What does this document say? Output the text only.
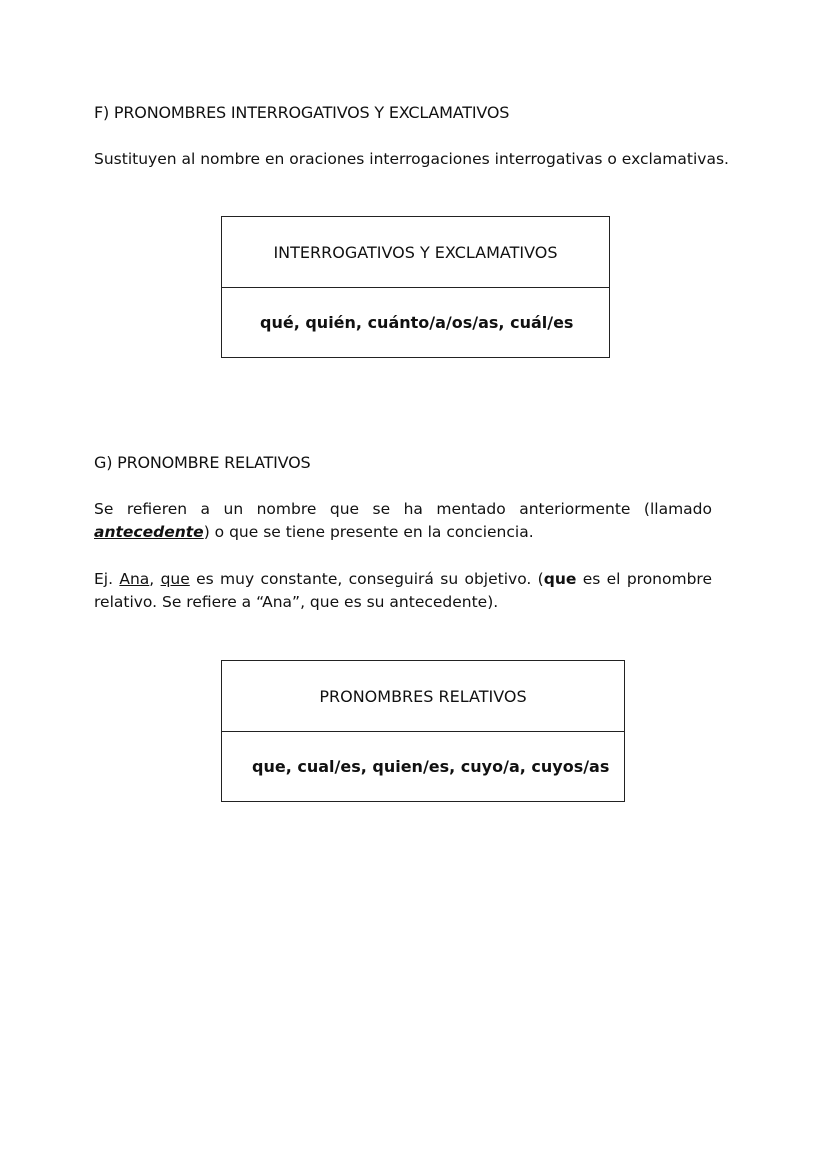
F) PRONOMBRES INTERROGATIVOS Y EXCLAMATIVOS
Sustituyen al nombre en oraciones interrogaciones interrogativas o exclamativas.
INTERROGATIVOS Y EXCLAMATIVOS
qué, quién, cuánto/a/os/as, cuál/es
G) PRONOMBRE RELATIVOS
Se refieren a un nombre que se ha mentado anteriormente (llamado antecedente) o que se tiene presente en la conciencia.
Ej. Ana, que es muy constante, conseguirá su objetivo. (que es el pronombre relativo. Se refiere a “Ana”, que es su antecedente).
PRONOMBRES RELATIVOS
que, cual/es, quien/es, cuyo/a, cuyos/as
